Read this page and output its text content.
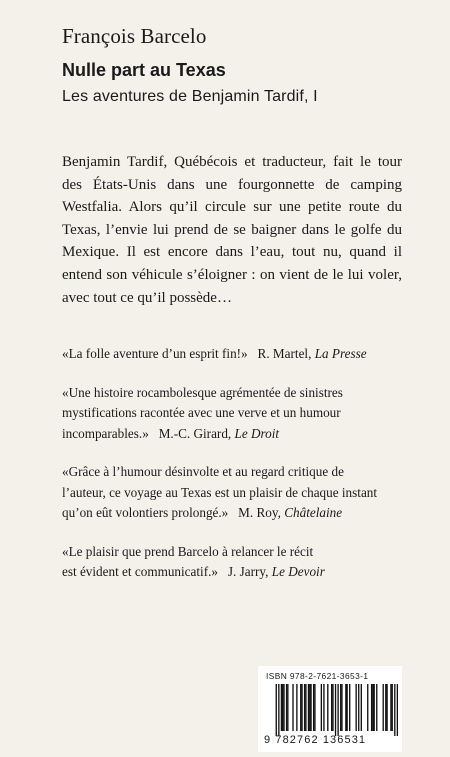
François Barcelo
Nulle part au Texas
Les aventures de Benjamin Tardif, I
Benjamin Tardif, Québécois et traducteur, fait le tour
des États-Unis dans une fourgonnette de camping
Westfalia. Alors qu’il circule sur une petite route du
Texas, l’envie lui prend de se baigner dans le golfe du
Mexique. Il est encore dans l’eau, tout nu, quand il
entend son véhicule s’éloigner : on vient de le lui voler,
avec tout ce qu’il possède…
«La folle aventure d’un esprit fin!» R. Martel, La Presse
«Une histoire rocambolesque agrémentée de sinistres
mystifications racontée avec une verve et un humour
incomparables.» M.-C. Girard, Le Droit
«Grâce à l’humour désinvolte et au regard critique de
l’auteur, ce voyage au Texas est un plaisir de chaque instant
qu’on eût volontiers prolongé.» M. Roy, Châtelaine
«Le plaisir que prend Barcelo à relancer le récit
est évident et communicatif.» J. Jarry, Le Devoir
ISBN 978-2-7621-3653-1
9 782762 136531
